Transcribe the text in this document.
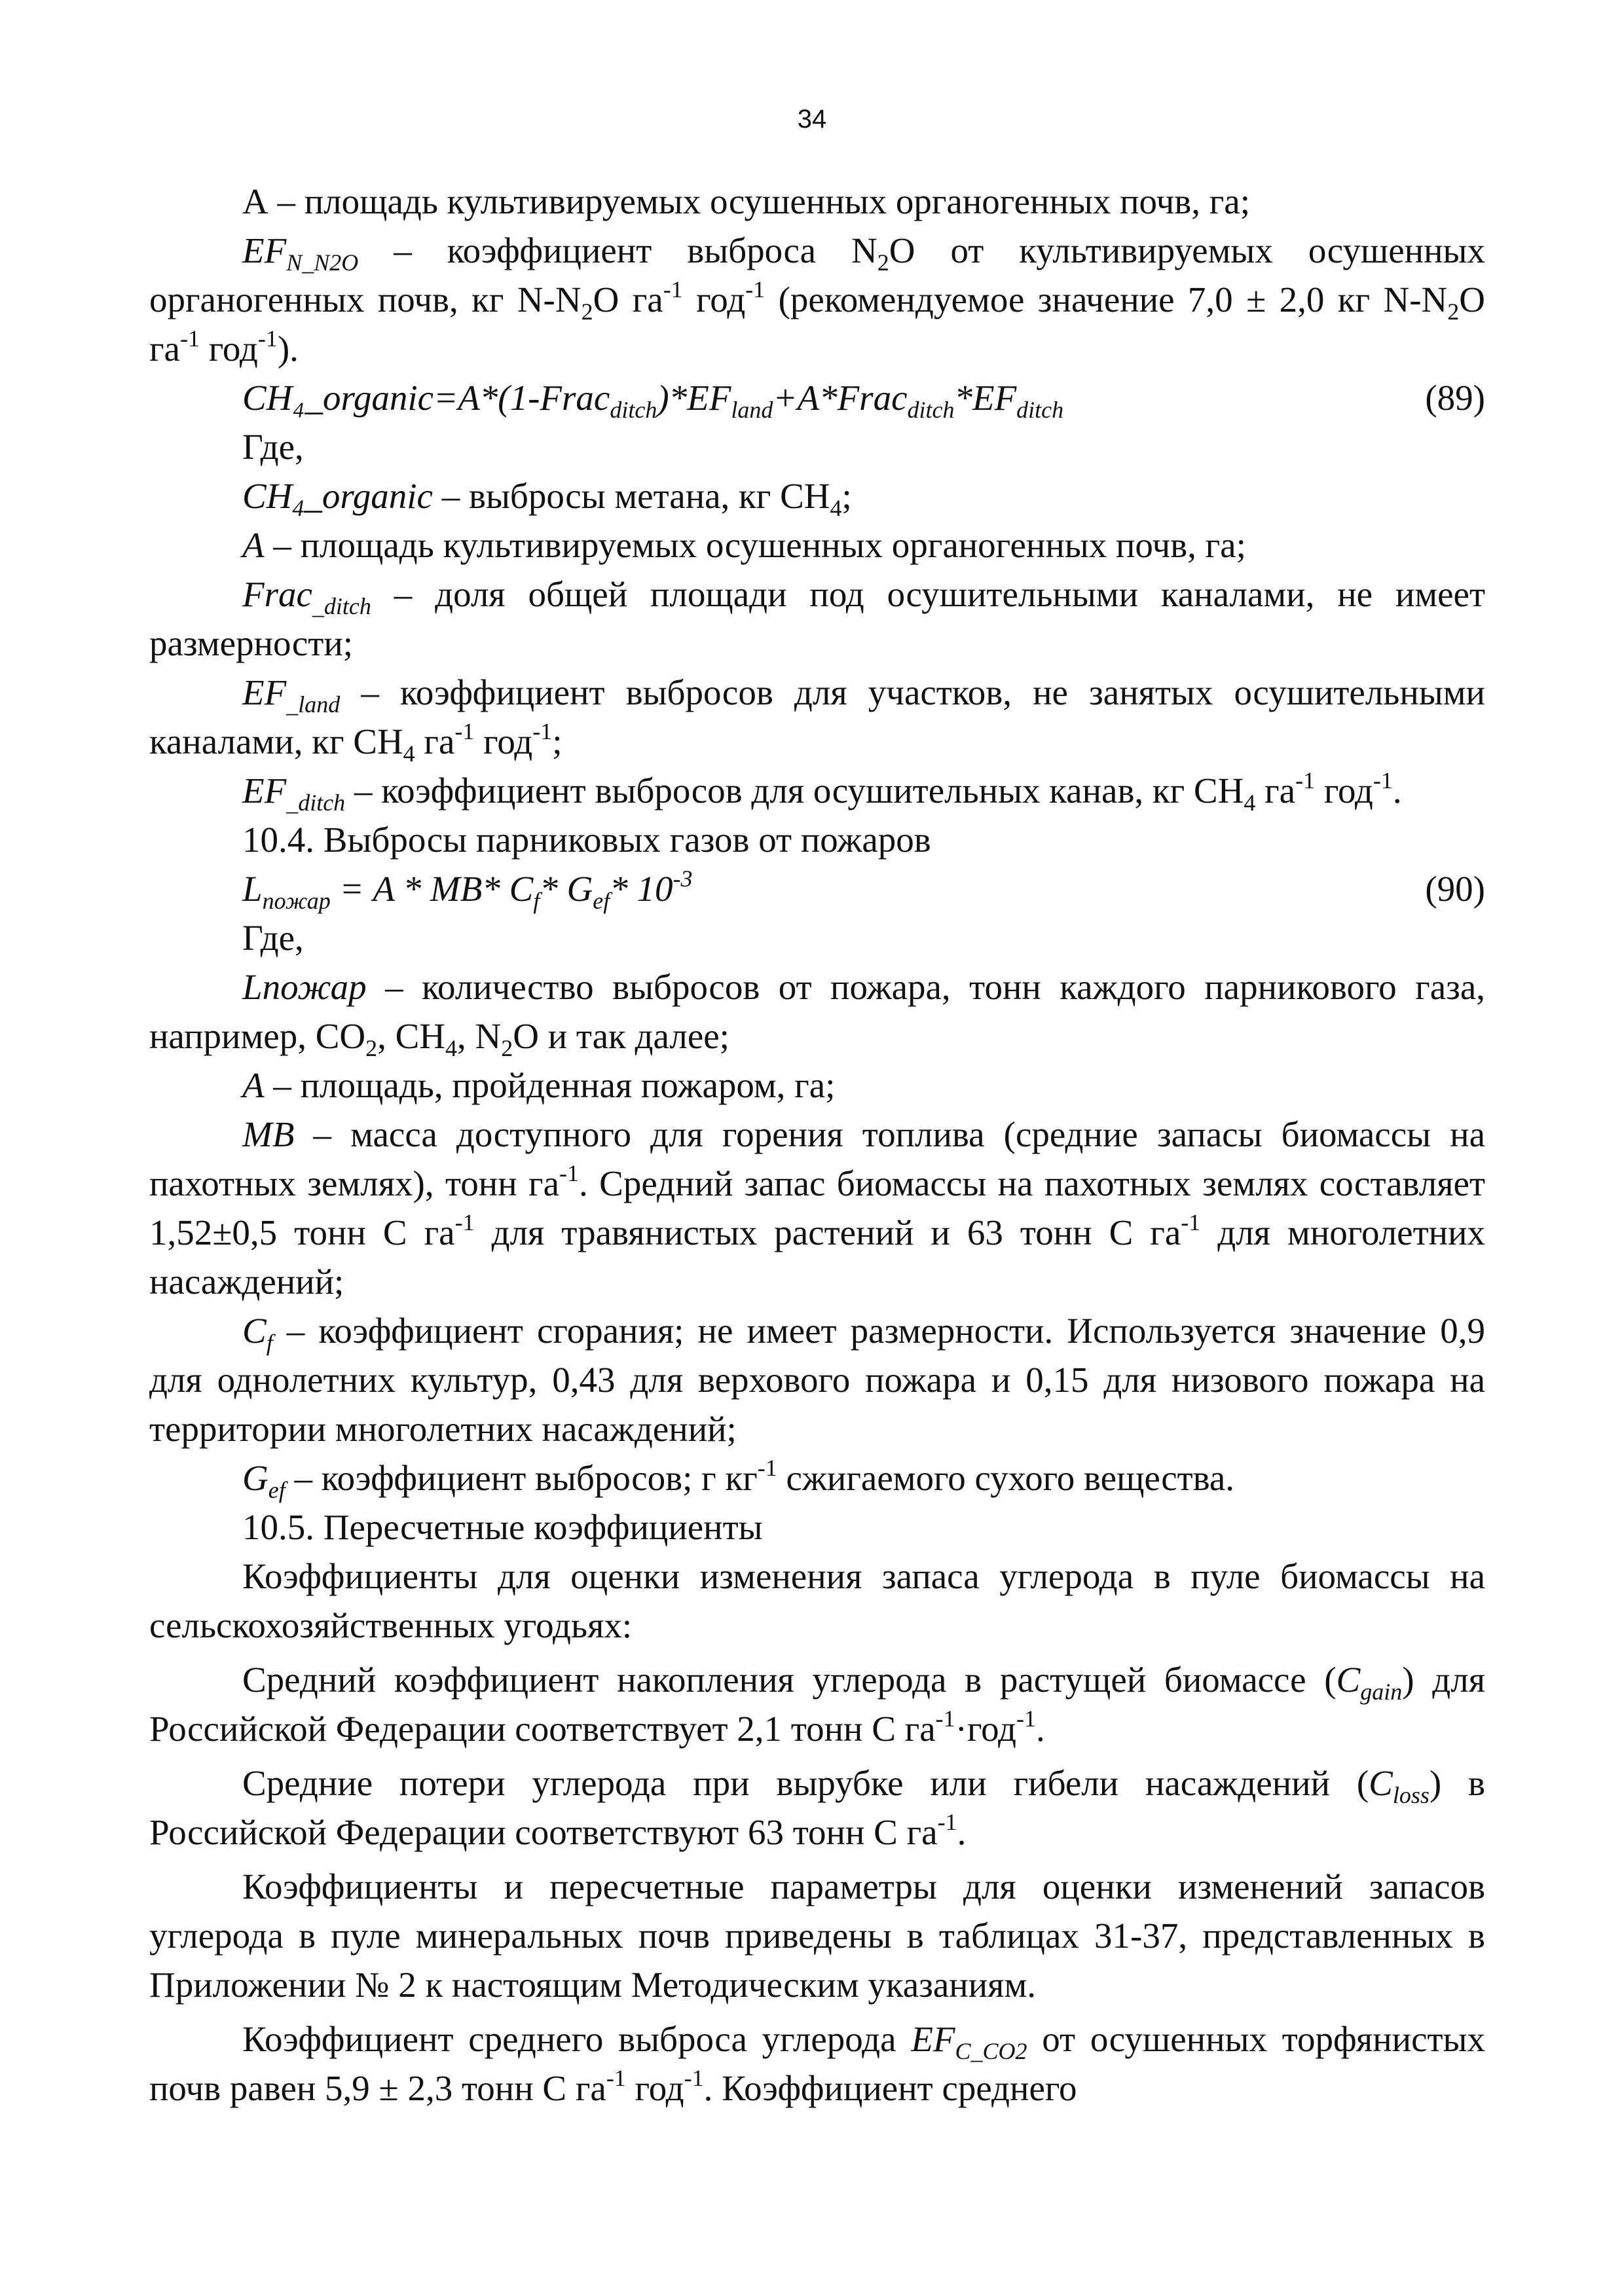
34

А – площадь культивируемых осушенных органогенных почв, га;

$EF_{N\_N2O}$ – коэффициент выброса $N_2O$ от культивируемых осушенных органогенных почв, кг $N-N_2O$ $га^{-1}$ год$^{-1}$ (рекомендуемое значение 7,0 ± 2,0 кг $N-N_2O$ $га^{-1}$ год$^{-1}$).

$CH_4\_organic=A*(1-Frac_{ditch})*EF_{land}+A*Frac_{ditch}*EF_{ditch}$	(89)

Где,

$CH_4\_organic$ – выбросы метана, кг $CH_4$;

A – площадь культивируемых осушенных органогенных почв, га;

Frac$_{\_ditch}$ – доля общей площади под осушительными каналами, не имеет размерности;

$EF_{\_land}$ – коэффициент выбросов для участков, не занятых осушительными каналами, кг $CH_4$ $га^{-1}$ год$^{-1}$;

$EF_{\_ditch}$ – коэффициент выбросов для осушительных канав, кг $CH_4$ $га^{-1}$ год$^{-1}$.

10.4. Выбросы парниковых газов от пожаров

$L_{пожар} = A * MB*$ $C_f*$ $G_{ef}*$ $10^{-3}$	(90)

Где,

Lпожар – количество выбросов от пожара, тонн каждого парникового газа, например, $CO_2$, $CH_4$, $N_2O$ и так далее;

A – площадь, пройденная пожаром, га;

MB – масса доступного для горения топлива (средние запасы биомассы на пахотных землях), тонн $га^{-1}$. Средний запас биомассы на пахотных землях составляет 1,52±0,5 тонн С $га^{-1}$ для травянистых растений и 63 тонн С $га^{-1}$ для многолетних насаждений;

$C_f$ – коэффициент сгорания; не имеет размерности. Используется значение 0,9 для однолетних культур, 0,43 для верхового пожара и 0,15 для низового пожара на территории многолетних насаждений;

$G_{ef}$ – коэффициент выбросов; г $кг^{-1}$ сжигаемого сухого вещества.

10.5. Пересчетные коэффициенты

Коэффициенты для оценки изменения запаса углерода в пуле биомассы на сельскохозяйственных угодьях:

Средний коэффициент накопления углерода в растущей биомассе $(C_{gain})$ для Российской Федерации соответствует 2,1 тонн С $га^{-1}\cdot год^{-1}$.

Средние потери углерода при вырубке или гибели насаждений $(C_{loss})$ в Российской Федерации соответствуют 63 тонн С $га^{-1}$.

Коэффициенты и пересчетные параметры для оценки изменений запасов углерода в пуле минеральных почв приведены в таблицах 31-37, представленных в Приложении № 2 к настоящим Методическим указаниям.

Коэффициент среднего выброса углерода $EF_{C\_CO2}$ от осушенных торфянистых почв равен 5,9 ± 2,3 тонн С $га^{-1}$ год$^{-1}$. Коэффициент среднего
